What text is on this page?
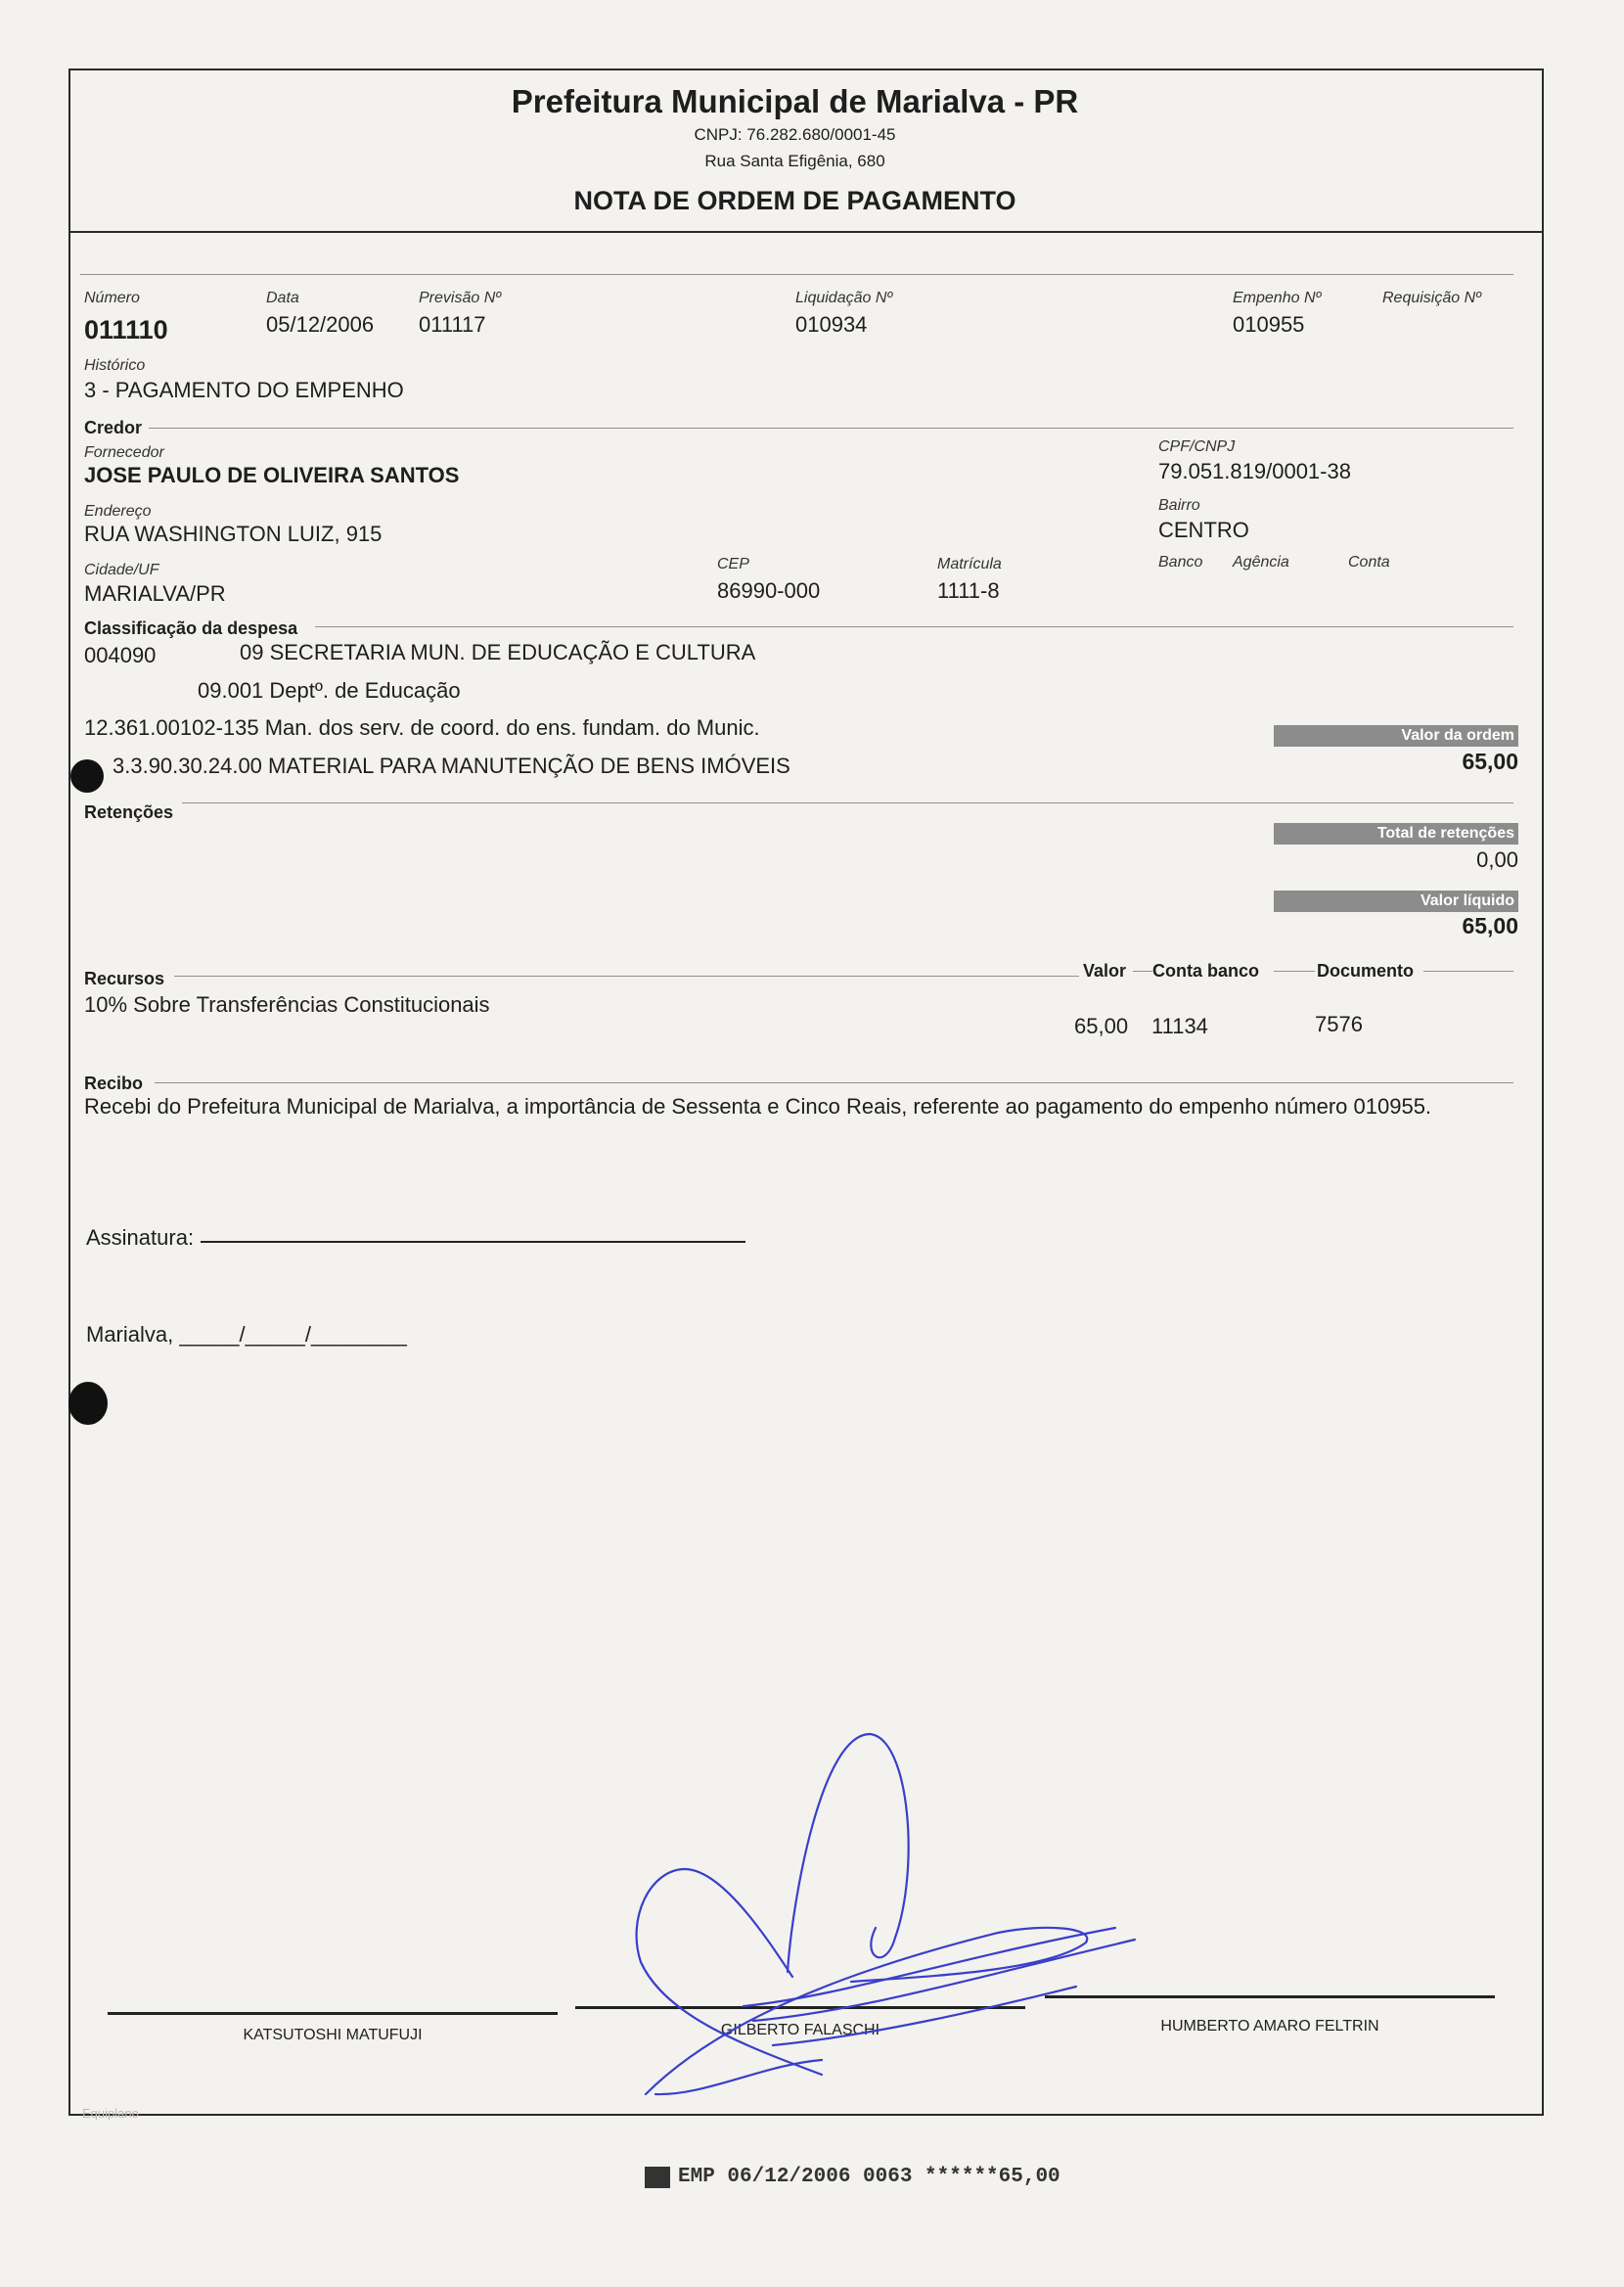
Prefeitura Municipal de Marialva - PR
CNPJ: 76.282.680/0001-45
Rua Santa Efigênia, 680
NOTA DE ORDEM DE PAGAMENTO
Número
011110
Data
05/12/2006
Previsão Nº
011117
Liquidação Nº
010934
Empenho Nº
010955
Requisição Nº
Histórico
3 - PAGAMENTO DO EMPENHO
Credor
Fornecedor
JOSE PAULO DE OLIVEIRA SANTOS
CPF/CNPJ
79.051.819/0001-38
Endereço
RUA WASHINGTON LUIZ, 915
Bairro
CENTRO
Cidade/UF
MARIALVA/PR
CEP
86990-000
Matrícula
1111-8
Banco Agência	Conta
Classificação da despesa
004090	09 SECRETARIA MUN. DE EDUCAÇÃO E CULTURA
09.001 Deptº. de Educação
12.361.00102-135 Man. dos serv. de coord. do ens. fundam. do Munic.
3.3.90.30.24.00 MATERIAL PARA MANUTENÇÃO DE BENS IMÓVEIS
Valor da ordem
65,00
Retenções
Total de retenções
0,00
Valor líquido
65,00
Recursos	Valor Conta banco	Documento
10% Sobre Transferências Constitucionais
65,00 11134	7576
Recibo
Recebi do Prefeitura Municipal de Marialva, a importância de Sessenta e Cinco Reais, referente ao pagamento do empenho número 010955.
Assinatura:
Marialva, _____/_____/________
KATSUTOSHI MATUFUJI	GILBERTO FALASCHI	HUMBERTO AMARO FELTRIN
Equiplano
EMP 06/12/2006 0063 ******65,00
